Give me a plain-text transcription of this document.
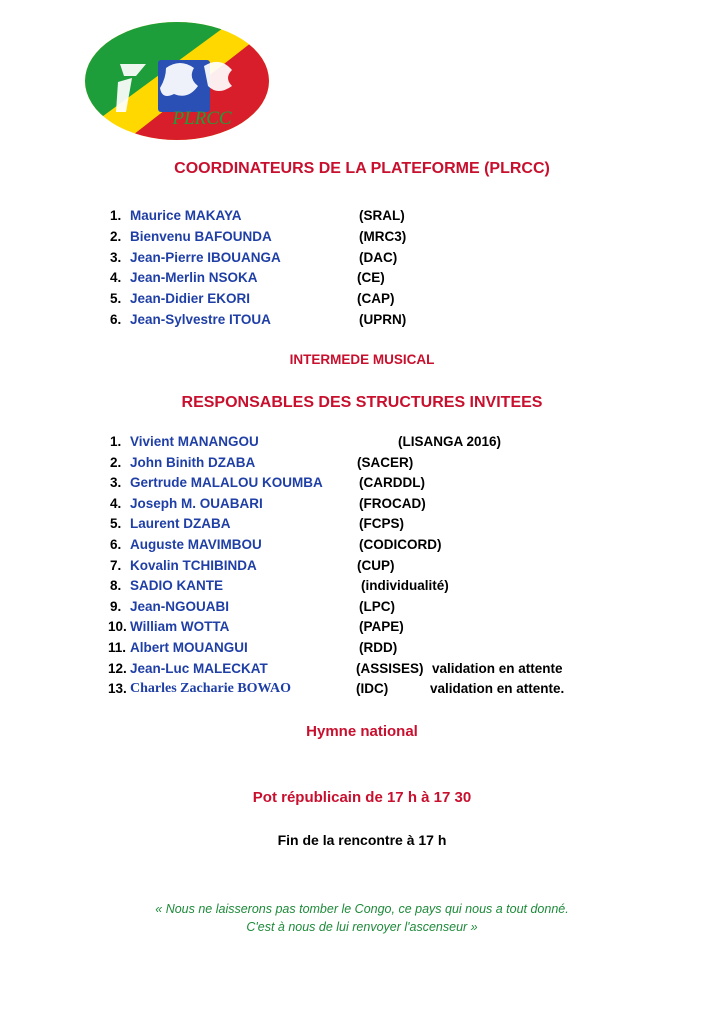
PLRCC
COORDINATEURS DE LA PLATEFORME (PLRCC)
1. Maurice MAKAYA	(SRAL)
2. Bienvenu BAFOUNDA	(MRC3)
3. Jean-Pierre IBOUANGA	(DAC)
4. Jean-Merlin NSOKA	(CE)
5. Jean-Didier EKORI	(CAP)
6. Jean-Sylvestre ITOUA	(UPRN)
INTERMEDE MUSICAL
RESPONSABLES DES STRUCTURES INVITEES
1. Vivient MANANGOU	(LISANGA 2016)
2. John Binith DZABA	(SACER)
3. Gertrude MALALOU KOUMBA	(CARDDL)
4. Joseph M. OUABARI	(FROCAD)
5. Laurent DZABA	(FCPS)
6. Auguste MAVIMBOU	(CODICORD)
7. Kovalin TCHIBINDA	(CUP)
8. SADIO KANTE	(individualité)
9. Jean-NGOUABI	(LPC)
10. William WOTTA	(PAPE)
11. Albert MOUANGUI	(RDD)
12. Jean-Luc MALECKAT	(ASSISES) validation en attente
13. Charles Zacharie BOWAO	(IDC)	validation en attente.
Hymne national
Pot républicain de 17 h à 17 30
Fin de la rencontre à 17 h
« Nous ne laisserons pas tomber le Congo, ce pays qui nous a tout donné.
C'est à nous de lui renvoyer l'ascenseur »
